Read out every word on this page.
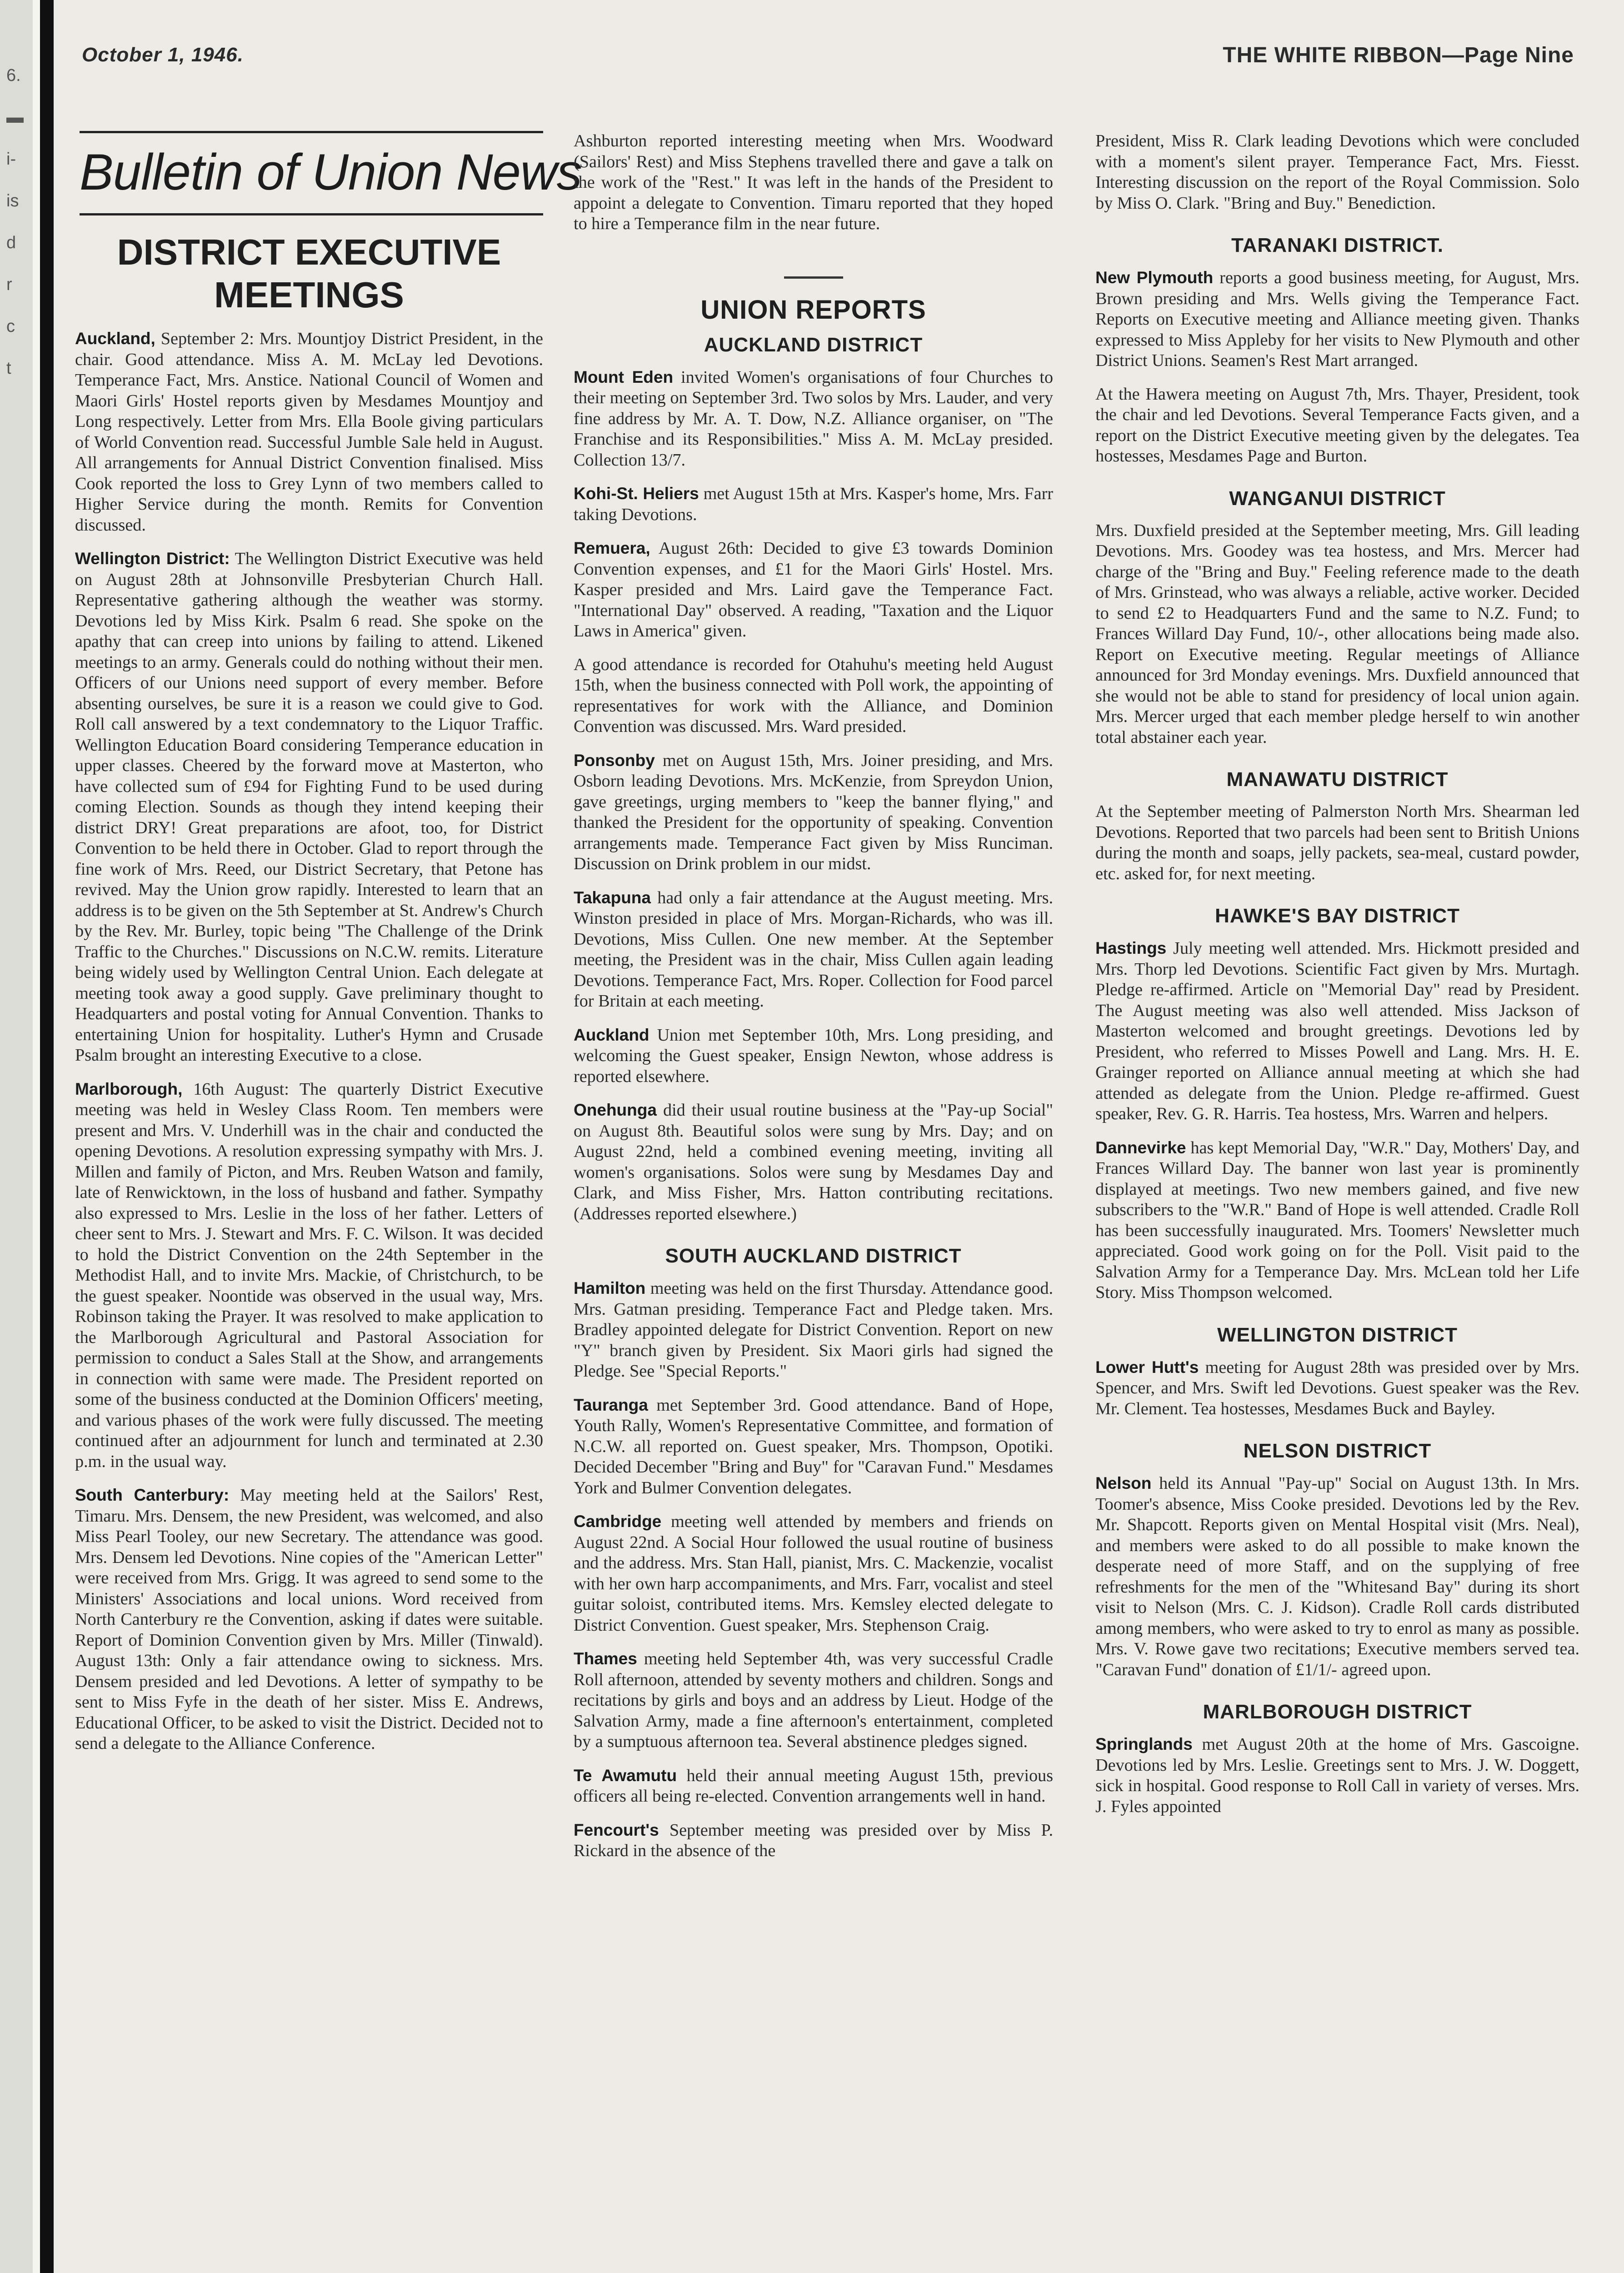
6.
▬
i-
is
d
r
c
t
October 1, 1946.	THE WHITE RIBBON—Page Nine
Bulletin of Union News
DISTRICT EXECUTIVE
MEETINGS

Auckland, September 2: Mrs. Mountjoy District President, in the chair. Good attendance. Miss A. M. McLay led Devotions. Temperance Fact, Mrs. Anstice. National Council of Women and Maori Girls' Hostel reports given by Mesdames Mountjoy and Long respectively. Letter from Mrs. Ella Boole giving particulars of World Convention read. Successful Jumble Sale held in August. All arrangements for Annual District Convention finalised. Miss Cook reported the loss to Grey Lynn of two members called to Higher Service during the month. Remits for Convention discussed.

Wellington District: The Wellington District Executive was held on August 28th at Johnsonville Presbyterian Church Hall. Representative gathering although the weather was stormy. Devotions led by Miss Kirk. Psalm 6 read. She spoke on the apathy that can creep into unions by failing to attend. Likened meetings to an army. Generals could do nothing without their men. Officers of our Unions need support of every member. Before absenting ourselves, be sure it is a reason we could give to God. Roll call answered by a text condemnatory to the Liquor Traffic. Wellington Education Board considering Temperance education in upper classes. Cheered by the forward move at Masterton, who have collected sum of £94 for Fighting Fund to be used during coming Election. Sounds as though they intend keeping their district DRY! Great preparations are afoot, too, for District Convention to be held there in October. Glad to report through the fine work of Mrs. Reed, our District Secretary, that Petone has revived. May the Union grow rapidly. Interested to learn that an address is to be given on the 5th September at St. Andrew's Church by the Rev. Mr. Burley, topic being "The Challenge of the Drink Traffic to the Churches." Discussions on N.C.W. remits. Literature being widely used by Wellington Central Union. Each delegate at meeting took away a good supply. Gave preliminary thought to Headquarters and postal voting for Annual Convention. Thanks to entertaining Union for hospitality. Luther's Hymn and Crusade Psalm brought an interesting Executive to a close.

Marlborough, 16th August: The quarterly District Executive meeting was held in Wesley Class Room. Ten members were present and Mrs. V. Underhill was in the chair and conducted the opening Devotions. A resolution expressing sympathy with Mrs. J. Millen and family of Picton, and Mrs. Reuben Watson and family, late of Renwicktown, in the loss of husband and father. Sympathy also expressed to Mrs. Leslie in the loss of her father. Letters of cheer sent to Mrs. J. Stewart and Mrs. F. C. Wilson. It was decided to hold the District Convention on the 24th September in the Methodist Hall, and to invite Mrs. Mackie, of Christchurch, to be the guest speaker. Noontide was observed in the usual way, Mrs. Robinson taking the Prayer. It was resolved to make application to the Marlborough Agricultural and Pastoral Association for permission to conduct a Sales Stall at the Show, and arrangements in connection with same were made. The President reported on some of the business conducted at the Dominion Officers' meeting, and various phases of the work were fully discussed. The meeting continued after an adjournment for lunch and terminated at 2.30 p.m. in the usual way.

South Canterbury: May meeting held at the Sailors' Rest, Timaru. Mrs. Densem, the new President, was welcomed, and also Miss Pearl Tooley, our new Secretary. The attendance was good. Mrs. Densem led Devotions. Nine copies of the "American Letter" were received from Mrs. Grigg. It was agreed to send some to the Ministers' Associations and local unions. Word received from North Canterbury re the Convention, asking if dates were suitable. Report of Dominion Convention given by Mrs. Miller (Tinwald). August 13th: Only a fair attendance owing to sickness. Mrs. Densem presided and led Devotions. A letter of sympathy to be sent to Miss Fyfe in the death of her sister. Miss E. Andrews, Educational Officer, to be asked to visit the District. Decided not to send a delegate to the Alliance Conference.

Ashburton reported interesting meeting when Mrs. Woodward (Sailors' Rest) and Miss Stephens travelled there and gave a talk on the work of the "Rest." It was left in the hands of the President to appoint a delegate to Convention. Timaru reported that they hoped to hire a Temperance film in the near future.

UNION REPORTS
AUCKLAND DISTRICT

Mount Eden invited Women's organisations of four Churches to their meeting on September 3rd. Two solos by Mrs. Lauder, and very fine address by Mr. A. T. Dow, N.Z. Alliance organiser, on "The Franchise and its Responsibilities." Miss A. M. McLay presided. Collection 13/7.

Kohi-St. Heliers met August 15th at Mrs. Kasper's home, Mrs. Farr taking Devotions.

Remuera, August 26th: Decided to give £3 towards Dominion Convention expenses, and £1 for the Maori Girls' Hostel. Mrs. Kasper presided and Mrs. Laird gave the Temperance Fact. "International Day" observed. A reading, "Taxation and the Liquor Laws in America" given.

A good attendance is recorded for Otahuhu's meeting held August 15th, when the business connected with Poll work, the appointing of representatives for work with the Alliance, and Dominion Convention was discussed. Mrs. Ward presided.

Ponsonby met on August 15th, Mrs. Joiner presiding, and Mrs. Osborn leading Devotions. Mrs. McKenzie, from Spreydon Union, gave greetings, urging members to "keep the banner flying," and thanked the President for the opportunity of speaking. Convention arrangements made. Temperance Fact given by Miss Runciman. Discussion on Drink problem in our midst.

Takapuna had only a fair attendance at the August meeting. Mrs. Winston presided in place of Mrs. Morgan-Richards, who was ill. Devotions, Miss Cullen. One new member. At the September meeting, the President was in the chair, Miss Cullen again leading Devotions. Temperance Fact, Mrs. Roper. Collection for Food parcel for Britain at each meeting.

Auckland Union met September 10th, Mrs. Long presiding, and welcoming the Guest speaker, Ensign Newton, whose address is reported elsewhere.

Onehunga did their usual routine business at the "Pay-up Social" on August 8th. Beautiful solos were sung by Mrs. Day; and on August 22nd, held a combined evening meeting, inviting all women's organisations. Solos were sung by Mesdames Day and Clark, and Miss Fisher, Mrs. Hatton contributing recitations. (Addresses reported elsewhere.)

SOUTH AUCKLAND DISTRICT

Hamilton meeting was held on the first Thursday. Attendance good. Mrs. Gatman presiding. Temperance Fact and Pledge taken. Mrs. Bradley appointed delegate for District Convention. Report on new "Y" branch given by President. Six Maori girls had signed the Pledge. See "Special Reports."

Tauranga met September 3rd. Good attendance. Band of Hope, Youth Rally, Women's Representative Committee, and formation of N.C.W. all reported on. Guest speaker, Mrs. Thompson, Opotiki. Decided December "Bring and Buy" for "Caravan Fund." Mesdames York and Bulmer Convention delegates.

Cambridge meeting well attended by members and friends on August 22nd. A Social Hour followed the usual routine of business and the address. Mrs. Stan Hall, pianist, Mrs. C. Mackenzie, vocalist with her own harp accompaniments, and Mrs. Farr, vocalist and steel guitar soloist, contributed items. Mrs. Kemsley elected delegate to District Convention. Guest speaker, Mrs. Stephenson Craig.

Thames meeting held September 4th, was very successful Cradle Roll afternoon, attended by seventy mothers and children. Songs and recitations by girls and boys and an address by Lieut. Hodge of the Salvation Army, made a fine afternoon's entertainment, completed by a sumptuous afternoon tea. Several abstinence pledges signed.

Te Awamutu held their annual meeting August 15th, previous officers all being re-elected. Convention arrangements well in hand.

Fencourt's September meeting was presided over by Miss P. Rickard in the absence of the

President, Miss R. Clark leading Devotions which were concluded with a moment's silent prayer. Temperance Fact, Mrs. Fiesst. Interesting discussion on the report of the Royal Commission. Solo by Miss O. Clark. "Bring and Buy." Benediction.

TARANAKI DISTRICT.

New Plymouth reports a good business meeting, for August, Mrs. Brown presiding and Mrs. Wells giving the Temperance Fact. Reports on Executive meeting and Alliance meeting given. Thanks expressed to Miss Appleby for her visits to New Plymouth and other District Unions. Seamen's Rest Mart arranged.

At the Hawera meeting on August 7th, Mrs. Thayer, President, took the chair and led Devotions. Several Temperance Facts given, and a report on the District Executive meeting given by the delegates. Tea hostesses, Mesdames Page and Burton.

WANGANUI DISTRICT

Mrs. Duxfield presided at the September meeting, Mrs. Gill leading Devotions. Mrs. Goodey was tea hostess, and Mrs. Mercer had charge of the "Bring and Buy." Feeling reference made to the death of Mrs. Grinstead, who was always a reliable, active worker. Decided to send £2 to Headquarters Fund and the same to N.Z. Fund; to Frances Willard Day Fund, 10/-, other allocations being made also. Report on Executive meeting. Regular meetings of Alliance announced for 3rd Monday evenings. Mrs. Duxfield announced that she would not be able to stand for presidency of local union again. Mrs. Mercer urged that each member pledge herself to win another total abstainer each year.

MANAWATU DISTRICT

At the September meeting of Palmerston North Mrs. Shearman led Devotions. Reported that two parcels had been sent to British Unions during the month and soaps, jelly packets, sea-meal, custard powder, etc. asked for, for next meeting.

HAWKE'S BAY DISTRICT

Hastings July meeting well attended. Mrs. Hickmott presided and Mrs. Thorp led Devotions. Scientific Fact given by Mrs. Murtagh. Pledge re-affirmed. Article on "Memorial Day" read by President. The August meeting was also well attended. Miss Jackson of Masterton welcomed and brought greetings. Devotions led by President, who referred to Misses Powell and Lang. Mrs. H. E. Grainger reported on Alliance annual meeting at which she had attended as delegate from the Union. Pledge re-affirmed. Guest speaker, Rev. G. R. Harris. Tea hostess, Mrs. Warren and helpers.

Dannevirke has kept Memorial Day, "W.R." Day, Mothers' Day, and Frances Willard Day. The banner won last year is prominently displayed at meetings. Two new members gained, and five new subscribers to the "W.R." Band of Hope is well attended. Cradle Roll has been successfully inaugurated. Mrs. Toomers' Newsletter much appreciated. Good work going on for the Poll. Visit paid to the Salvation Army for a Temperance Day. Mrs. McLean told her Life Story. Miss Thompson welcomed.

WELLINGTON DISTRICT

Lower Hutt's meeting for August 28th was presided over by Mrs. Spencer, and Mrs. Swift led Devotions. Guest speaker was the Rev. Mr. Clement. Tea hostesses, Mesdames Buck and Bayley.

NELSON DISTRICT

Nelson held its Annual "Pay-up" Social on August 13th. In Mrs. Toomer's absence, Miss Cooke presided. Devotions led by the Rev. Mr. Shapcott. Reports given on Mental Hospital visit (Mrs. Neal), and members were asked to do all possible to make known the desperate need of more Staff, and on the supplying of free refreshments for the men of the "Whitesand Bay" during its short visit to Nelson (Mrs. C. J. Kidson). Cradle Roll cards distributed among members, who were asked to try to enrol as many as possible. Mrs. V. Rowe gave two recitations; Executive members served tea. "Caravan Fund" donation of £1/1/- agreed upon.

MARLBOROUGH DISTRICT

Springlands met August 20th at the home of Mrs. Gascoigne. Devotions led by Mrs. Leslie. Greetings sent to Mrs. J. W. Doggett, sick in hospital. Good response to Roll Call in variety of verses. Mrs. J. Fyles appointed
